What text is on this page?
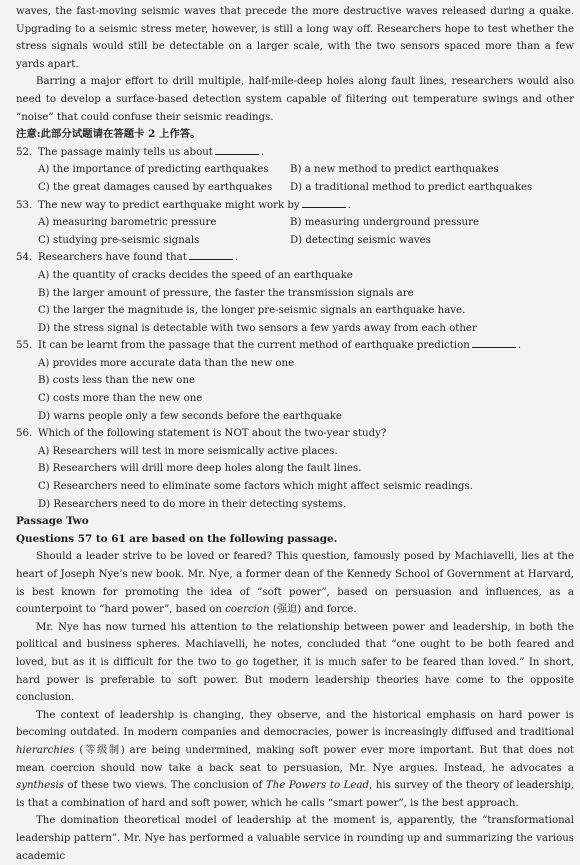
waves, the fast-moving seismic waves that precede the more destructive waves released during a quake. Upgrading to a seismic stress meter, however, is still a long way off. Researchers hope to test whether the stress signals would still be detectable on a larger scale, with the two sensors spaced more than a few yards apart.

Barring a major effort to drill multiple, half-mile-deep holes along fault lines, researchers would also need to develop a surface-based detection system capable of filtering out temperature swings and other “noise” that could confuse their seismic readings.

注意:此部分试题请在答题卡 2 上作答。

52. The passage mainly tells us about	.

A) the importance of predicting earthquakes	B) a new method to predict earthquakes
C) the great damages caused by earthquakes	D) a traditional method to predict earthquakes

53. The new way to predict earthquake might work by	.

A) measuring barometric pressure	B) measuring underground pressure
C) studying pre-seismic signals	D) detecting seismic waves

54. Researchers have found that	.

A) the quantity of cracks decides the speed of an earthquake

B) the larger amount of pressure, the faster the transmission signals are

C) the larger the magnitude is, the longer pre-seismic signals an earthquake have.

D) the stress signal is detectable with two sensors a few yards away from each other

55. It can be learnt from the passage that the current method of earthquake prediction	.

A) provides more accurate data than the new one

B) costs less than the new one

C) costs more than the new one

D) warns people only a few seconds before the earthquake

56. Which of the following statement is NOT about the two-year study?

A) Researchers will test in more seismically active places.

B) Researchers will drill more deep holes along the fault lines.

C) Researchers need to eliminate some factors which might affect seismic readings.

D) Researchers need to do more in their detecting systems.

Passage Two

Questions 57 to 61 are based on the following passage.

Should a leader strive to be loved or feared? This question, famously posed by Machiavelli, lies at the heart of Joseph Nye’s new book. Mr. Nye, a former dean of the Kennedy School of Government at Harvard, is best known for promoting the idea of “soft power”, based on persuasion and influences, as a counterpoint to “hard power”, based on coercion (强迫) and force.

Mr. Nye has now turned his attention to the relationship between power and leadership, in both the political and business spheres. Machiavelli, he notes, concluded that “one ought to be both feared and loved, but as it is difficult for the two to go together, it is much safer to be feared than loved.” In short, hard power is preferable to soft power. But modern leadership theories have come to the opposite conclusion.

The context of leadership is changing, they observe, and the historical emphasis on hard power is becoming outdated. In modern companies and democracies, power is increasingly diffused and traditional hierarchies (等级制) are being undermined, making soft power ever more important. But that does not mean coercion should now take a back seat to persuasion, Mr. Nye argues. Instead, he advocates a synthesis of these two views. The conclusion of The Powers to Lead, his survey of the theory of leadership, is that a combination of hard and soft power, which he calls “smart power”, is the best approach.

The domination theoretical model of leadership at the moment is, apparently, the “transformational leadership pattern”. Mr. Nye has performed a valuable service in rounding up and summarizing the various academic
